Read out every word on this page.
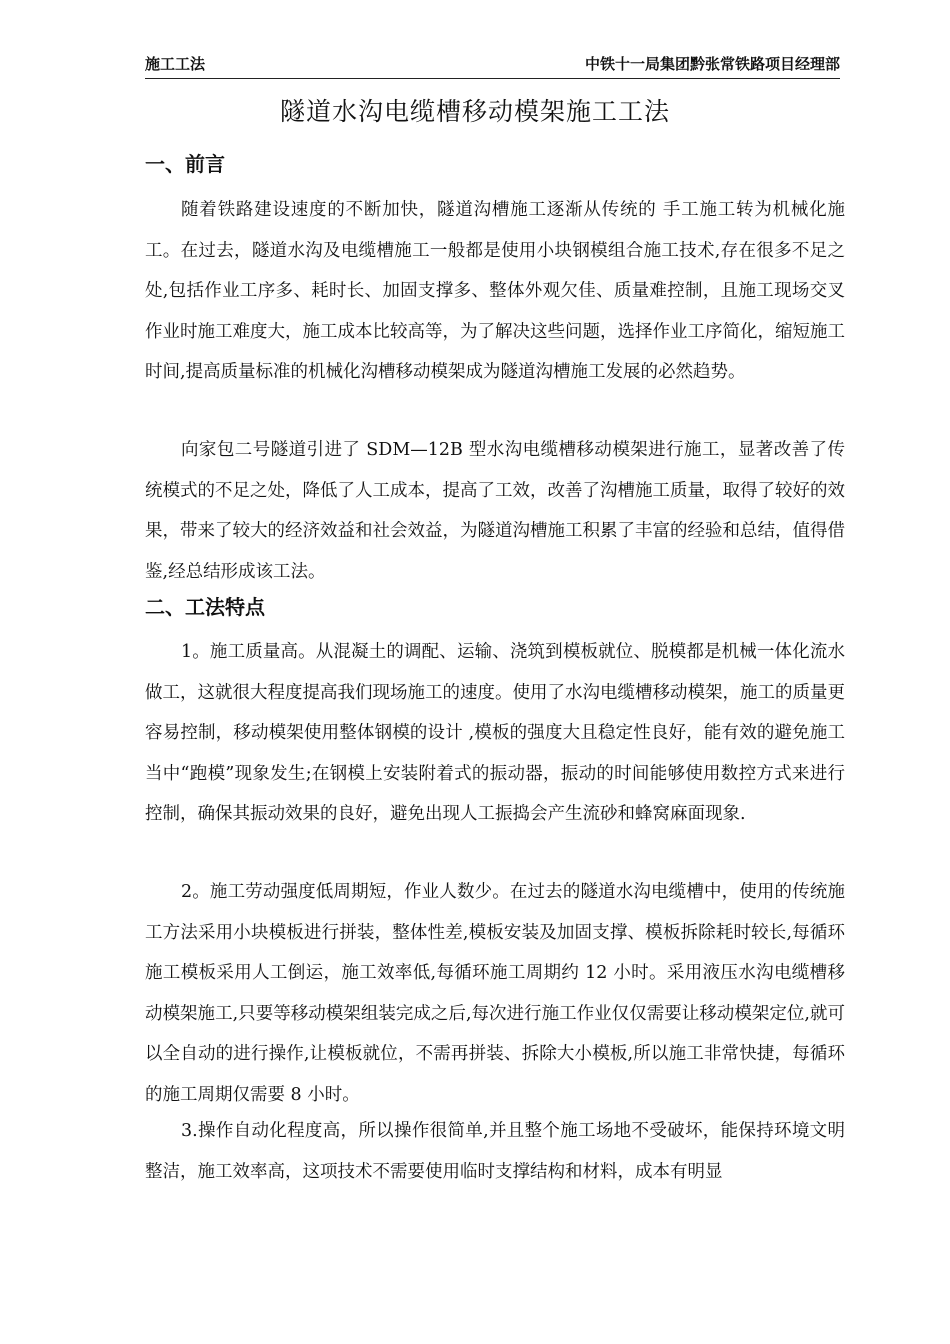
施工工法	中铁十一局集团黔张常铁路项目经理部
隧道水沟电缆槽移动模架施工工法
一、前言
随着铁路建设速度的不断加快，隧道沟槽施工逐渐从传统的 手工施工转为机械化施工。在过去，隧道水沟及电缆槽施工一般都是使用小块钢模组合施工技术,存在很多不足之处,包括作业工序多、耗时长、加固支撑多、整体外观欠佳、质量难控制，且施工现场交叉作业时施工难度大，施工成本比较高等，为了解决这些问题，选择作业工序简化，缩短施工时间,提高质量标准的机械化沟槽移动模架成为隧道沟槽施工发展的必然趋势。
向家包二号隧道引进了 SDM—12B 型水沟电缆槽移动模架进行施工，显著改善了传统模式的不足之处，降低了人工成本，提高了工效，改善了沟槽施工质量，取得了较好的效果，带来了较大的经济效益和社会效益，为隧道沟槽施工积累了丰富的经验和总结，值得借鉴,经总结形成该工法。
二、工法特点
1。施工质量高。从混凝土的调配、运输、浇筑到模板就位、脱模都是机械一体化流水做工，这就很大程度提高我们现场施工的速度。使用了水沟电缆槽移动模架，施工的质量更容易控制，移动模架使用整体钢模的设计 ,模板的强度大且稳定性良好，能有效的避免施工当中“跑模”现象发生;在钢模上安装附着式的振动器，振动的时间能够使用数控方式来进行控制，确保其振动效果的良好，避免出现人工振捣会产生流砂和蜂窝麻面现象.
2。施工劳动强度低周期短，作业人数少。在过去的隧道水沟电缆槽中，使用的传统施工方法采用小块模板进行拼装，整体性差,模板安装及加固支撑、模板拆除耗时较长,每循环施工模板采用人工倒运，施工效率低,每循环施工周期约 12 小时。采用液压水沟电缆槽移动模架施工,只要等移动模架组装完成之后,每次进行施工作业仅仅需要让移动模架定位,就可以全自动的进行操作,让模板就位，不需再拼装、拆除大小模板,所以施工非常快捷，每循环的施工周期仅需要 8 小时。
3.操作自动化程度高，所以操作很简单,并且整个施工场地不受破坏，能保持环境文明整洁，施工效率高，这项技术不需要使用临时支撑结构和材料，成本有明显
